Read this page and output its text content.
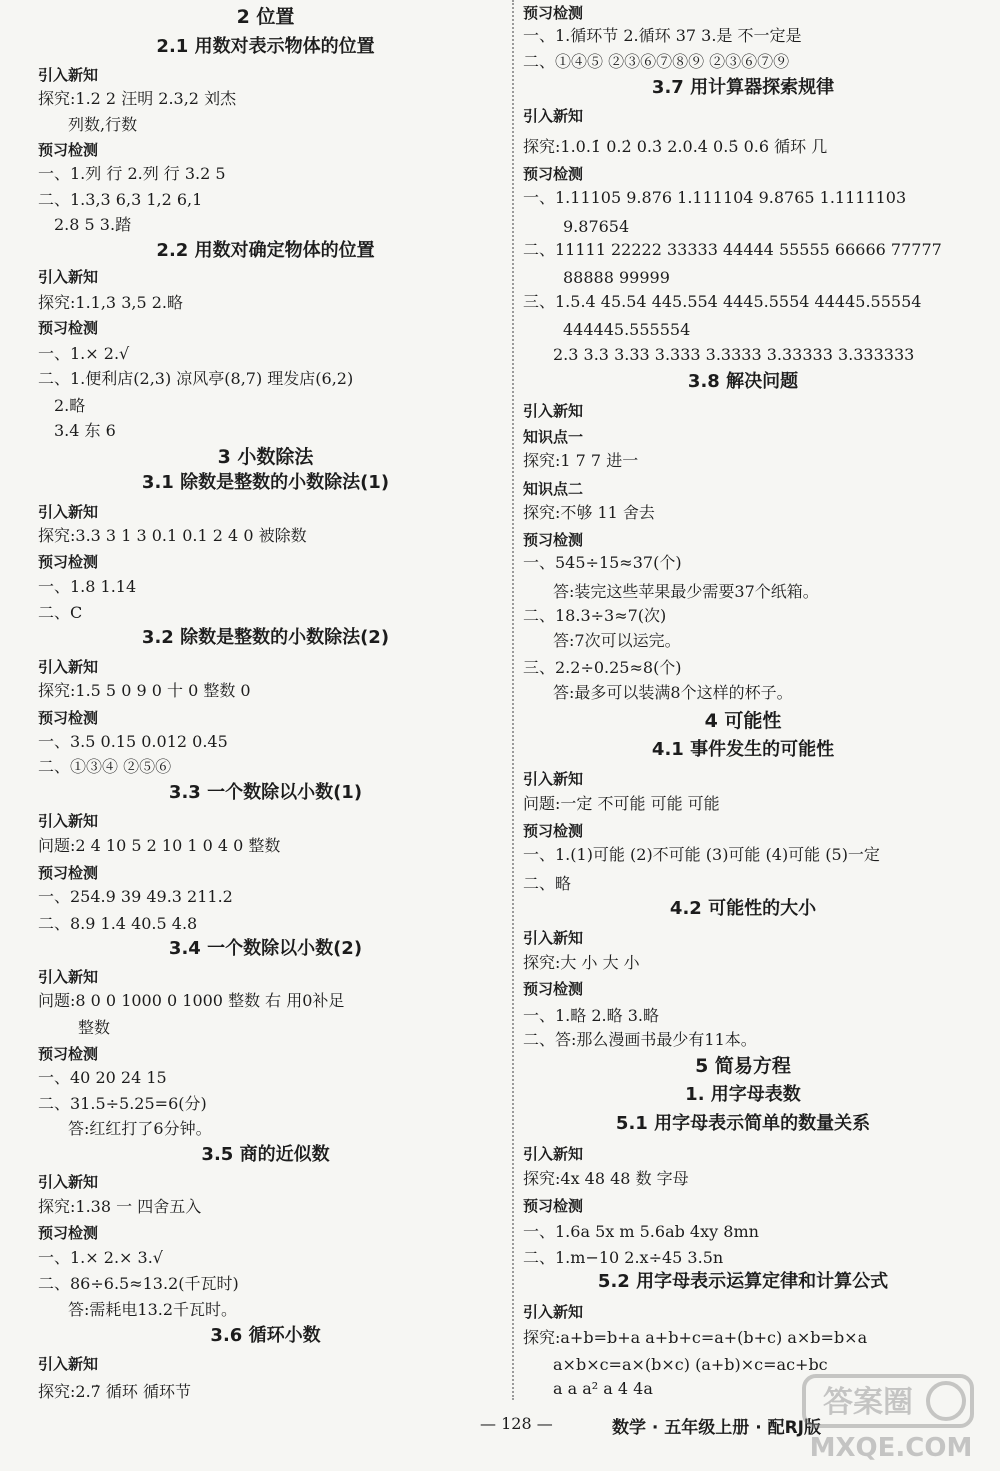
2 位置
2.1 用数对表示物体的位置
引入新知
探究:1.2 2 汪明 2.3,2 刘杰
列数,行数
预习检测
一、1.列 行 2.列 行 3.2 5
二、1.3,3 6,3 1,2 6,1
2.8 5 3.踏
2.2 用数对确定物体的位置
引入新知
探究:1.1,3 3,5 2.略
预习检测
一、1.× 2.√
二、1.便利店(2,3) 凉风亭(8,7) 理发店(6,2)
2.略
3.4 东 6
3 小数除法
3.1 除数是整数的小数除法(1)
引入新知
探究:3.3 3 1 3 0.1 0.1 2 4 0 被除数
预习检测
一、1.8 1.14
二、C
3.2 除数是整数的小数除法(2)
引入新知
探究:1.5 5 0 9 0 十 0 整数 0
预习检测
一、3.5 0.15 0.012 0.45
二、①③④ ②⑤⑥
3.3 一个数除以小数(1)
引入新知
问题:2 4 10 5 2 10 1 0 4 0 整数
预习检测
一、254.9 39 49.3 211.2
二、8.9 1.4 40.5 4.8
3.4 一个数除以小数(2)
引入新知
问题:8 0 0 1000 0 1000 整数 右 用0补足
整数
预习检测
一、40 20 24 15
二、31.5÷5.25=6(分)
答:红红打了6分钟。
3.5 商的近似数
引入新知
探究:1.38 一 四舍五入
预习检测
一、1.× 2.× 3.√
二、86÷6.5≈13.2(千瓦时)
答:需耗电13.2千瓦时。
3.6 循环小数
引入新知
探究:2.7̇ 循环 循环节
预习检测
一、1.循环节 2.循环 37 3.是 不一定是
二、①④⑤ ②③⑥⑦⑧⑨ ②③⑥⑦⑨
3.7 用计算器探索规律
引入新知
探究:1.0.1̇ 0.2̇ 0.3̇ 2.0.4̇ 0.5̇ 0.6̇ 循环 几
预习检测
一、1.11105 9.876 1.111104 9.8765 1.1111103
9.87654
二、11111 22222 33333 44444 55555 66666 77777
88888 99999
三、1.5.4 45.54 445.554 4445.5554 44445.55554
444445.555554
2.3 3.3 3.33 3.333 3.3333 3.33333 3.333333
3.8 解决问题
引入新知
知识点一
探究:1 7 7 进一
知识点二
探究:不够 11 舍去
预习检测
一、545÷15≈37(个)
答:装完这些苹果最少需要37个纸箱。
二、18.3÷3≈7(次)
答:7次可以运完。
三、2.2÷0.25≈8(个)
答:最多可以装满8个这样的杯子。
4 可能性
4.1 事件发生的可能性
引入新知
问题:一定 不可能 可能 可能
预习检测
一、1.(1)可能 (2)不可能 (3)可能 (4)可能 (5)一定
二、略
4.2 可能性的大小
引入新知
探究:大 小 大 小
预习检测
一、1.略 2.略 3.略
二、答:那么漫画书最少有11本。
5 简易方程
1. 用字母表数
5.1 用字母表示简单的数量关系
引入新知
探究:4x 48 48 数 字母
预习检测
一、1.6a 5x m 5.6ab 4xy 8mn
二、1.m−10 2.x÷45 3.5n
5.2 用字母表示运算定律和计算公式
引入新知
探究:a+b=b+a a+b+c=a+(b+c) a×b=b×a
a×b×c=a×(b×c) (a+b)×c=ac+bc
a a a² a 4 4a
— 128 —	数学 · 五年级上册 · 配RJ版
答案圈
MXQE.COM
